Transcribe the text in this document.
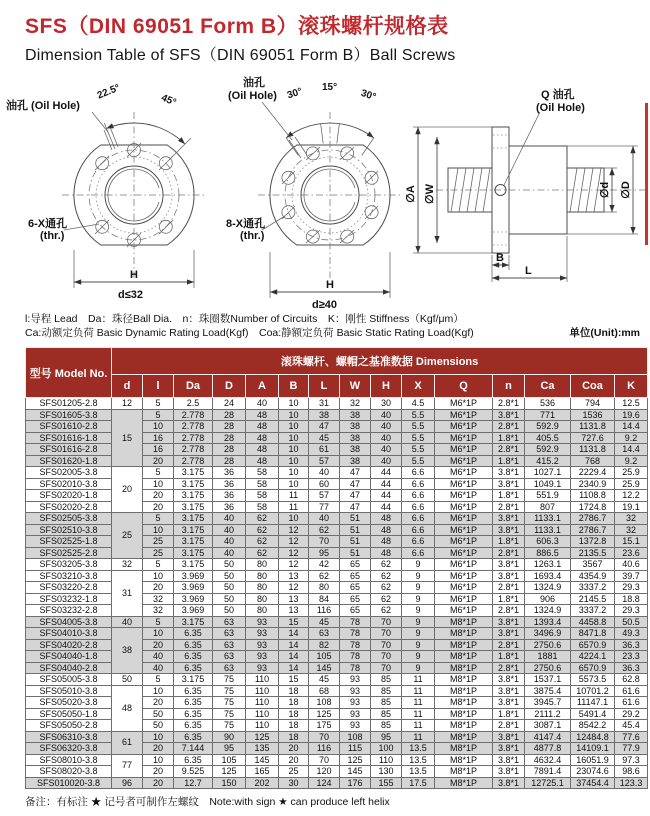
SFS（DIN 69051 Form B）滚珠螺杆规格表
Dimension Table of SFS（DIN 69051 Form B）Ball Screws
22.5°	45°
油孔 (Oil Hole)
6-X通孔
(thr.)
H
d≤32
30° 15°
30°
油孔
(Oil Hole)
8-X通孔
(thr.)
H
d≥40
Q 油孔
(Oil Hole)
∅A ∅W	∅d ∅D
B
L
l:导程 Lead　Da：珠径Ball Dia.　n：珠圈数Number of Circuits　K：刚性 Stiffness（Kgf/μm）
Ca:动额定负荷 Basic Dynamic Rating Load(Kgf)　Coa:静额定负荷 Basic Static Rating Load(Kgf)	单位(Unit):mm
型号 Model No.	滚珠螺杆、螺帽之基准数据 Dimensions														
	d	l	Da	D	A	B	L	W	H	X	Q	n	Ca	Coa	K
SFS01205-2.8	12	5	2.5	24	40	10	31	32	30	4.5	M6*1P	2.8*1	536	794	12.5
SFS01605-3.8	15	5	2.778	28	48	10	38	38	40	5.5	M6*1P	3.8*1	771	1536	19.6
SFS01610-2.8		10	2.778	28	48	10	47	38	40	5.5	M6*1P	2.8*1	592.9	1131.8	14.4
SFS01616-1.8		16	2.778	28	48	10	45	38	40	5.5	M6*1P	1.8*1	405.5	727.6	9.2
SFS01616-2.8		16	2.778	28	48	10	61	38	40	5.5	M6*1P	2.8*1	592.9	1131.8	14.4
SFS01620-1.8		20	2.778	28	48	10	57	38	40	5.5	M6*1P	1.8*1	415.2	768	9.2
SFS02005-3.8	20	5	3.175	36	58	10	40	47	44	6.6	M6*1P	3.8*1	1027.1	2229.4	25.9
SFS02010-3.8		10	3.175	36	58	10	60	47	44	6.6	M6*1P	3.8*1	1049.1	2340.9	25.9
SFS02020-1.8		20	3.175	36	58	11	57	47	44	6.6	M6*1P	1.8*1	551.9	1108.8	12.2
SFS02020-2.8		20	3.175	36	58	11	77	47	44	6.6	M6*1P	2.8*1	807	1724.8	19.1
SFS02505-3.8	25	5	3.175	40	62	10	40	51	48	6.6	M6*1P	3.8*1	1133.1	2786.7	32
SFS02510-3.8		10	3.175	40	62	12	62	51	48	6.6	M6*1P	3.8*1	1133.1	2786.7	32
SFS02525-1.8		25	3.175	40	62	12	70	51	48	6.6	M6*1P	1.8*1	606.3	1372.8	15.1
SFS02525-2.8		25	3.175	40	62	12	95	51	48	6.6	M6*1P	2.8*1	886.5	2135.5	23.6
SFS03205-3.8	32	5	3.175	50	80	12	42	65	62	9	M6*1P	3.8*1	1263.1	3567	40.6
SFS03210-3.8	31	10	3.969	50	80	13	62	65	62	9	M6*1P	3.8*1	1693.4	4354.9	39.7
SFS03220-2.8		20	3.969	50	80	12	80	65	62	9	M6*1P	2.8*1	1324.9	3337.2	29.3
SFS03232-1.8		32	3.969	50	80	13	84	65	62	9	M6*1P	1.8*1	906	2145.5	18.8
SFS03232-2.8		32	3.969	50	80	13	116	65	62	9	M6*1P	2.8*1	1324.9	3337.2	29.3
SFS04005-3.8	40	5	3.175	63	93	15	45	78	70	9	M8*1P	3.8*1	1393.4	4458.8	50.5
SFS04010-3.8	38	10	6.35	63	93	14	63	78	70	9	M8*1P	3.8*1	3496.9	8471.8	49.3
SFS04020-2.8		20	6.35	63	93	14	82	78	70	9	M8*1P	2.8*1	2750.6	6570.9	36.3
SFS04040-1.8		40	6.35	63	93	14	105	78	70	9	M8*1P	1.8*1	1881	4224.1	23.3
SFS04040-2.8		40	6.35	63	93	14	145	78	70	9	M8*1P	2.8*1	2750.6	6570.9	36.3
SFS05005-3.8	50	5	3.175	75	110	15	45	93	85	11	M8*1P	3.8*1	1537.1	5573.5	62.8
SFS05010-3.8	48	10	6.35	75	110	18	68	93	85	11	M8*1P	3.8*1	3875.4	10701.2	61.6
SFS05020-3.8		20	6.35	75	110	18	108	93	85	11	M8*1P	3.8*1	3945.7	11147.1	61.6
SFS05050-1.8		50	6.35	75	110	18	125	93	85	11	M8*1P	1.8*1	2111.2	5491.4	29.2
SFS05050-2.8		50	6.35	75	110	18	175	93	85	11	M8*1P	2.8*1	3087.1	8542.2	45.4
SFS06310-3.8	61	10	6.35	90	125	18	70	108	95	11	M8*1P	3.8*1	4147.4	12484.8	77.6
SFS06320-3.8		20	7.144	95	135	20	116	115	100	13.5	M8*1P	3.8*1	4877.8	14109.1	77.9
SFS08010-3.8	77	10	6.35	105	145	20	70	125	110	13.5	M8*1P	3.8*1	4632.4	16051.9	97.3
SFS08020-3.8		20	9.525	125	165	25	120	145	130	13.5	M8*1P	3.8*1	7891.4	23074.6	98.6
SFS010020-3.8	96	20	12.7	150	202	30	124	176	155	17.5	M8*1P	3.8*1	12725.1	37454.4	123.3
备注：有标注 ★ 记号者可制作左螺纹　Note:with sign ★ can produce left helix
